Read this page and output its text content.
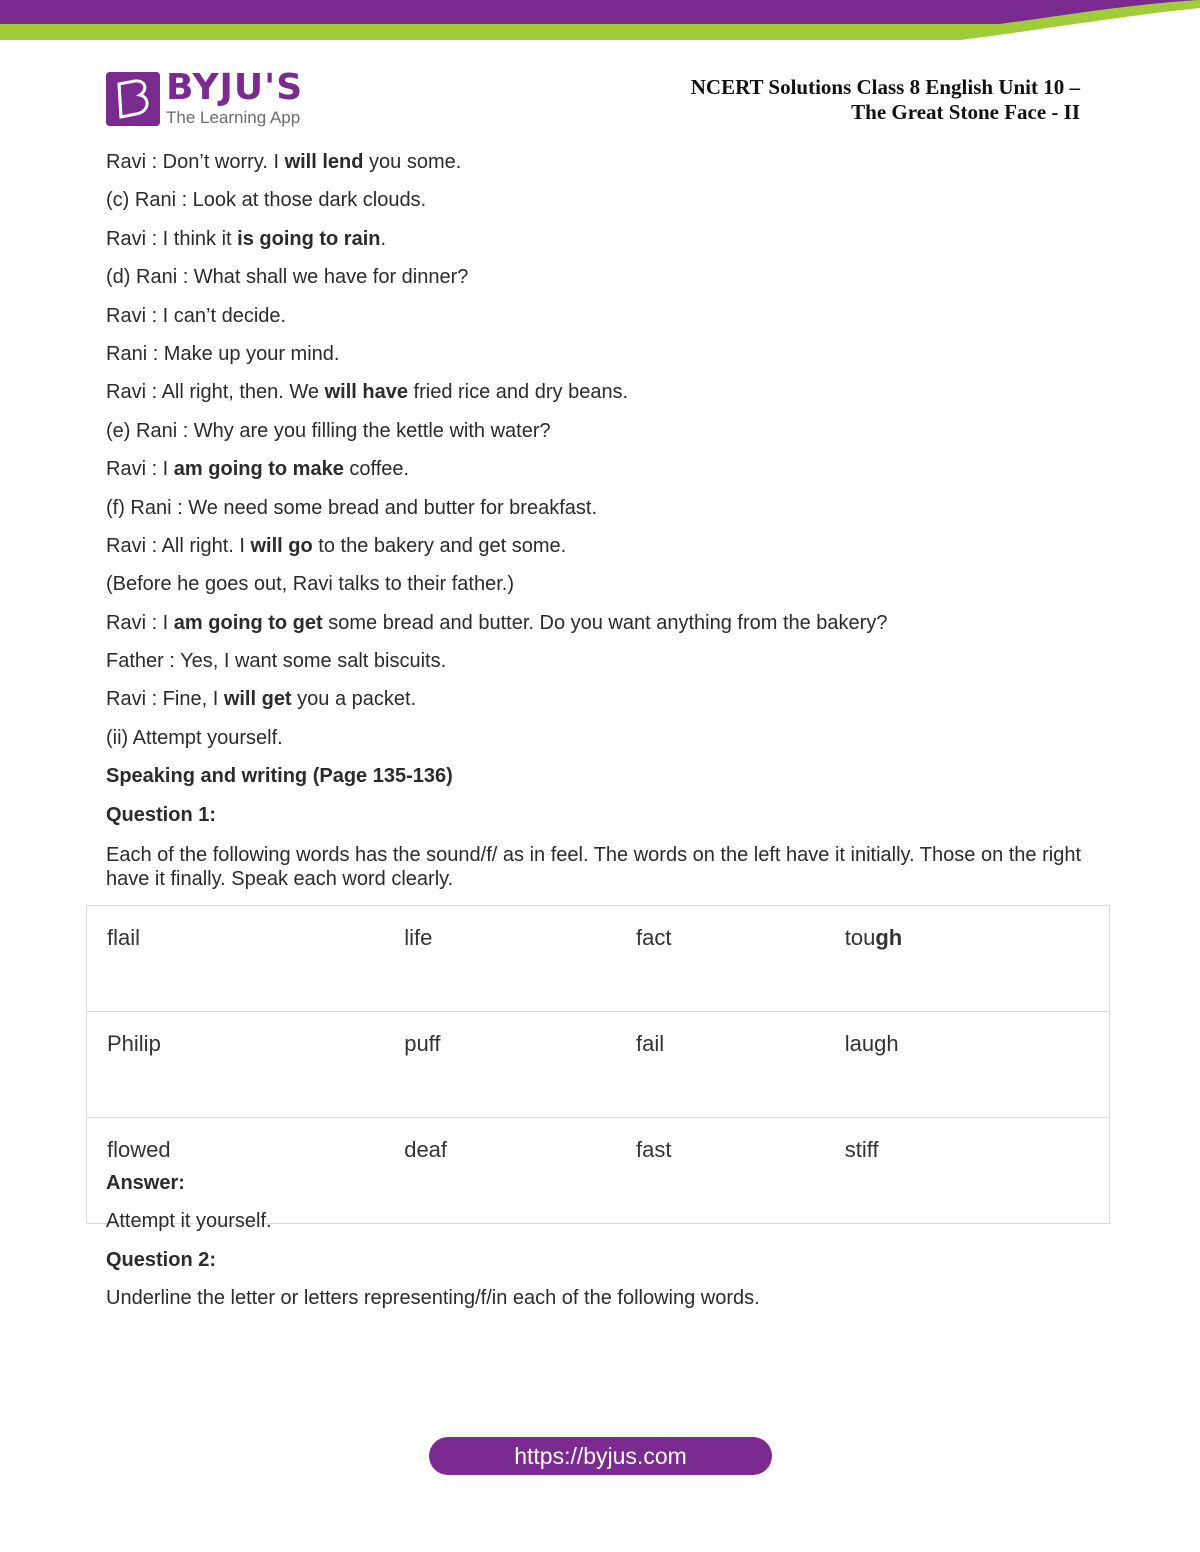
BYJU'S
The Learning App
NCERT Solutions Class 8 English Unit 10 –
The Great Stone Face - II
Ravi : Don’t worry. I will lend you some.
(c) Rani : Look at those dark clouds.
Ravi : I think it is going to rain.
(d) Rani : What shall we have for dinner?
Ravi : I can’t decide.
Rani : Make up your mind.
Ravi : All right, then. We will have fried rice and dry beans.
(e) Rani : Why are you filling the kettle with water?
Ravi : I am going to make coffee.
(f) Rani : We need some bread and butter for breakfast.
Ravi : All right. I will go to the bakery and get some.
(Before he goes out, Ravi talks to their father.)
Ravi : I am going to get some bread and butter. Do you want anything from the bakery?
Father : Yes, I want some salt biscuits.
Ravi : Fine, I will get you a packet.
(ii) Attempt yourself.
Speaking and writing (Page 135-136)
Question 1:
Each of the following words has the sound/f/ as in feel. The words on the left have it initially. Those on the right have it finally. Speak each word clearly.
flail	life	fact	tough
Philip	puff	fail	laugh
flowed	deaf	fast	stiff
Answer:
Attempt it yourself.
Question 2:
Underline the letter or letters representing/f/in each of the following words.
https://byjus.com
